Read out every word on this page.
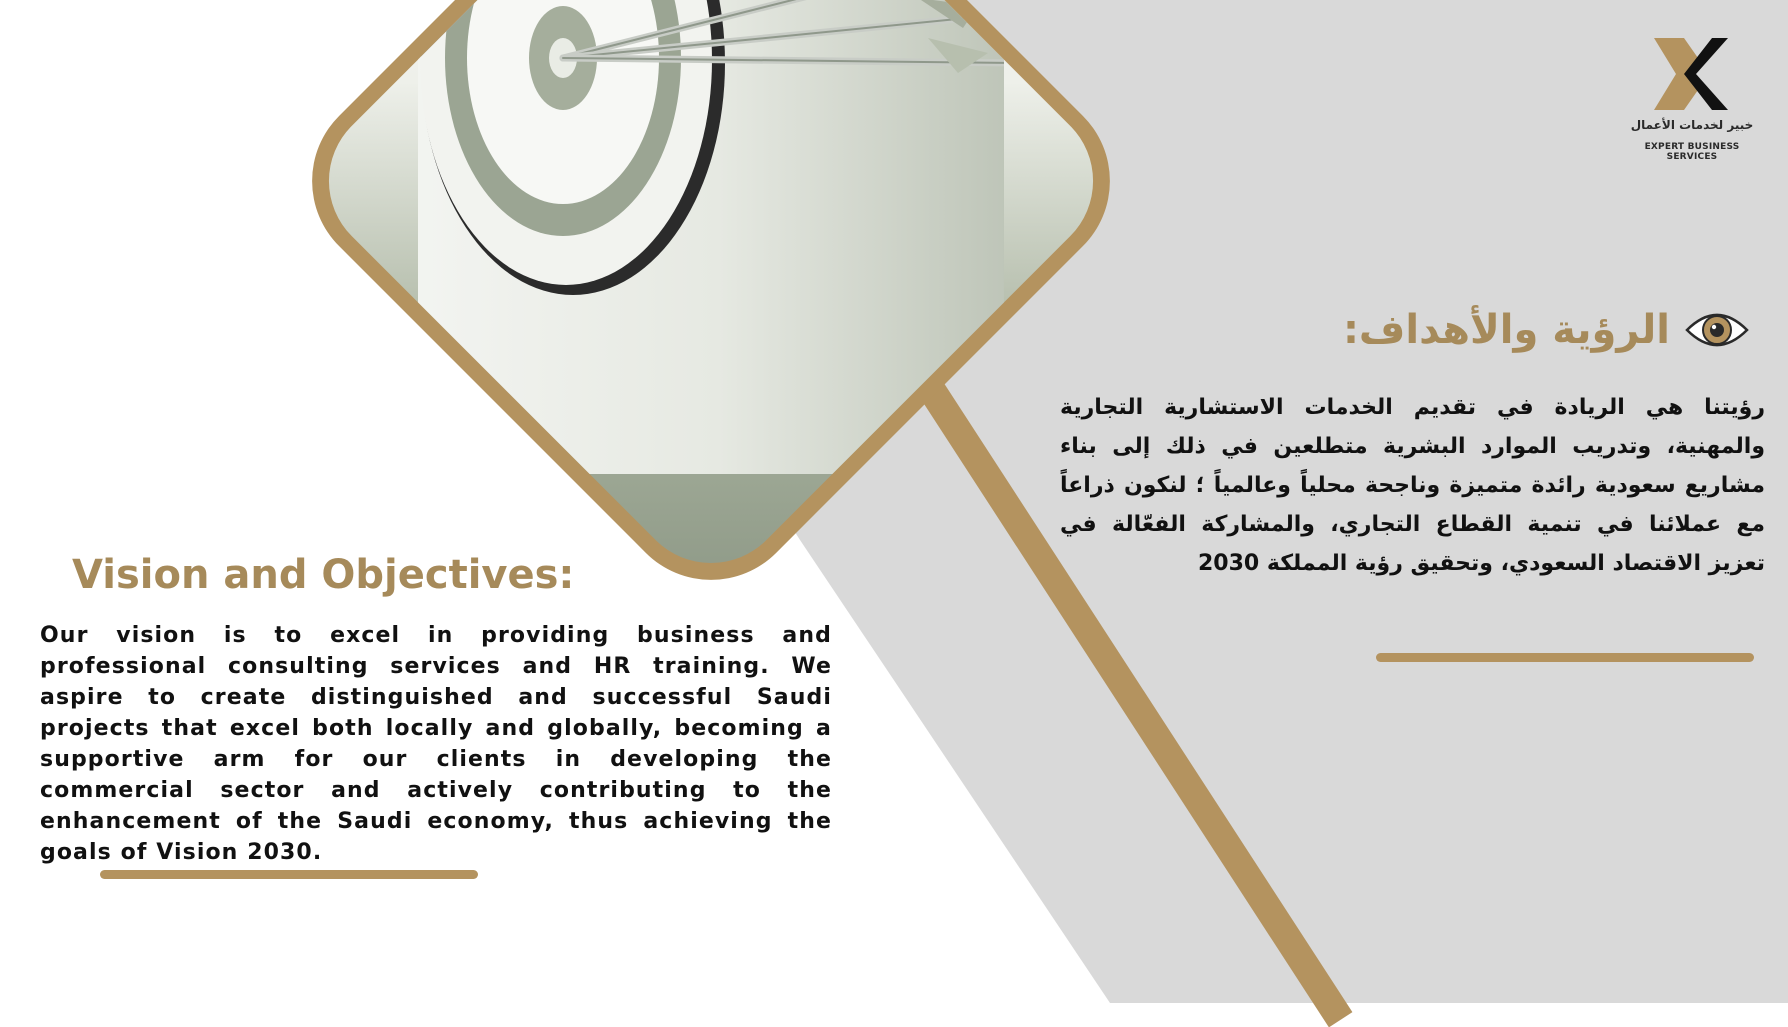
خبير لخدمات الأعمال
EXPERT BUSINESS SERVICES
الرؤية والأهداف:
رؤيتنا هي الريادة في تقديم الخدمات الاستشارية التجارية والمهنية، وتدريب الموارد البشرية متطلعين في ذلك إلى بناء مشاريع سعودية رائدة متميزة وناجحة محلياً وعالمياً ؛ لنكون ذراعاً مع عملائنا في تنمية القطاع التجاري، والمشاركة الفعّالة في تعزيز الاقتصاد السعودي، وتحقيق رؤية المملكة 2030
Vision and Objectives:
Our vision is to excel in providing business and professional consulting services and HR training. We aspire to create distinguished and successful Saudi projects that excel both locally and globally, becoming a supportive arm for our clients in developing the commercial sector and actively contributing to the enhancement of the Saudi economy, thus achieving the goals of Vision 2030.
